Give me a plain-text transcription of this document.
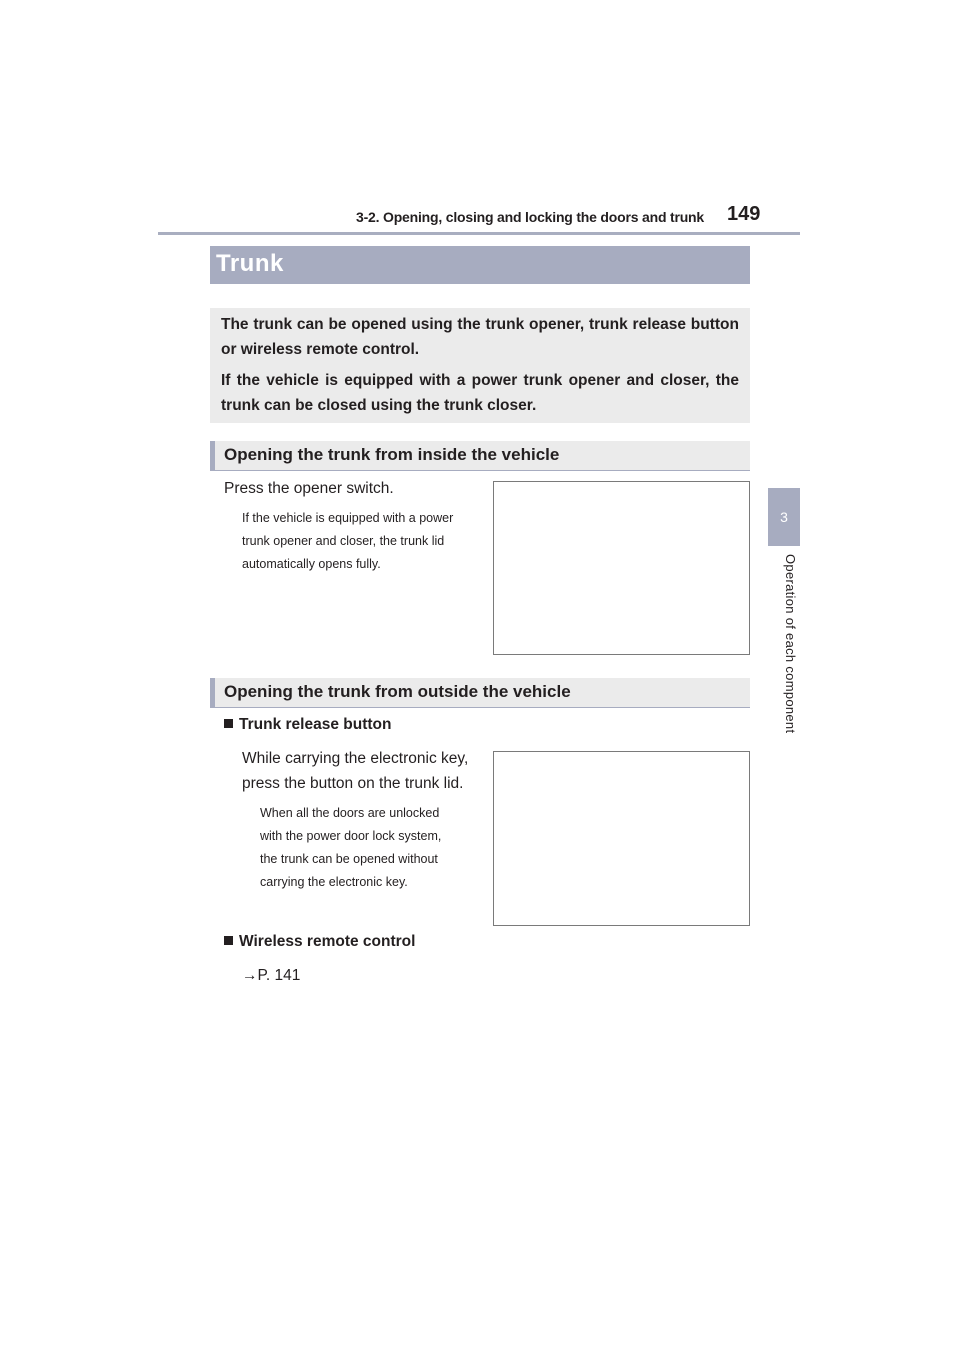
3-2. Opening, closing and locking the doors and trunk 149
3
Operation of each component
Trunk

The trunk can be opened using the trunk opener, trunk release button or wireless remote control.

If the vehicle is equipped with a power trunk opener and closer, the trunk can be closed using the trunk closer.

Opening the trunk from inside the vehicle
Press the opener switch.
If the vehicle is equipped with a power
trunk opener and closer, the trunk lid
automatically opens fully.
Opening the trunk from outside the vehicle
Trunk release button
While carrying the electronic key,
press the button on the trunk lid.
When all the doors are unlocked
with the power door lock system,
the trunk can be opened without
carrying the electronic key.
Wireless remote control
→P. 141
